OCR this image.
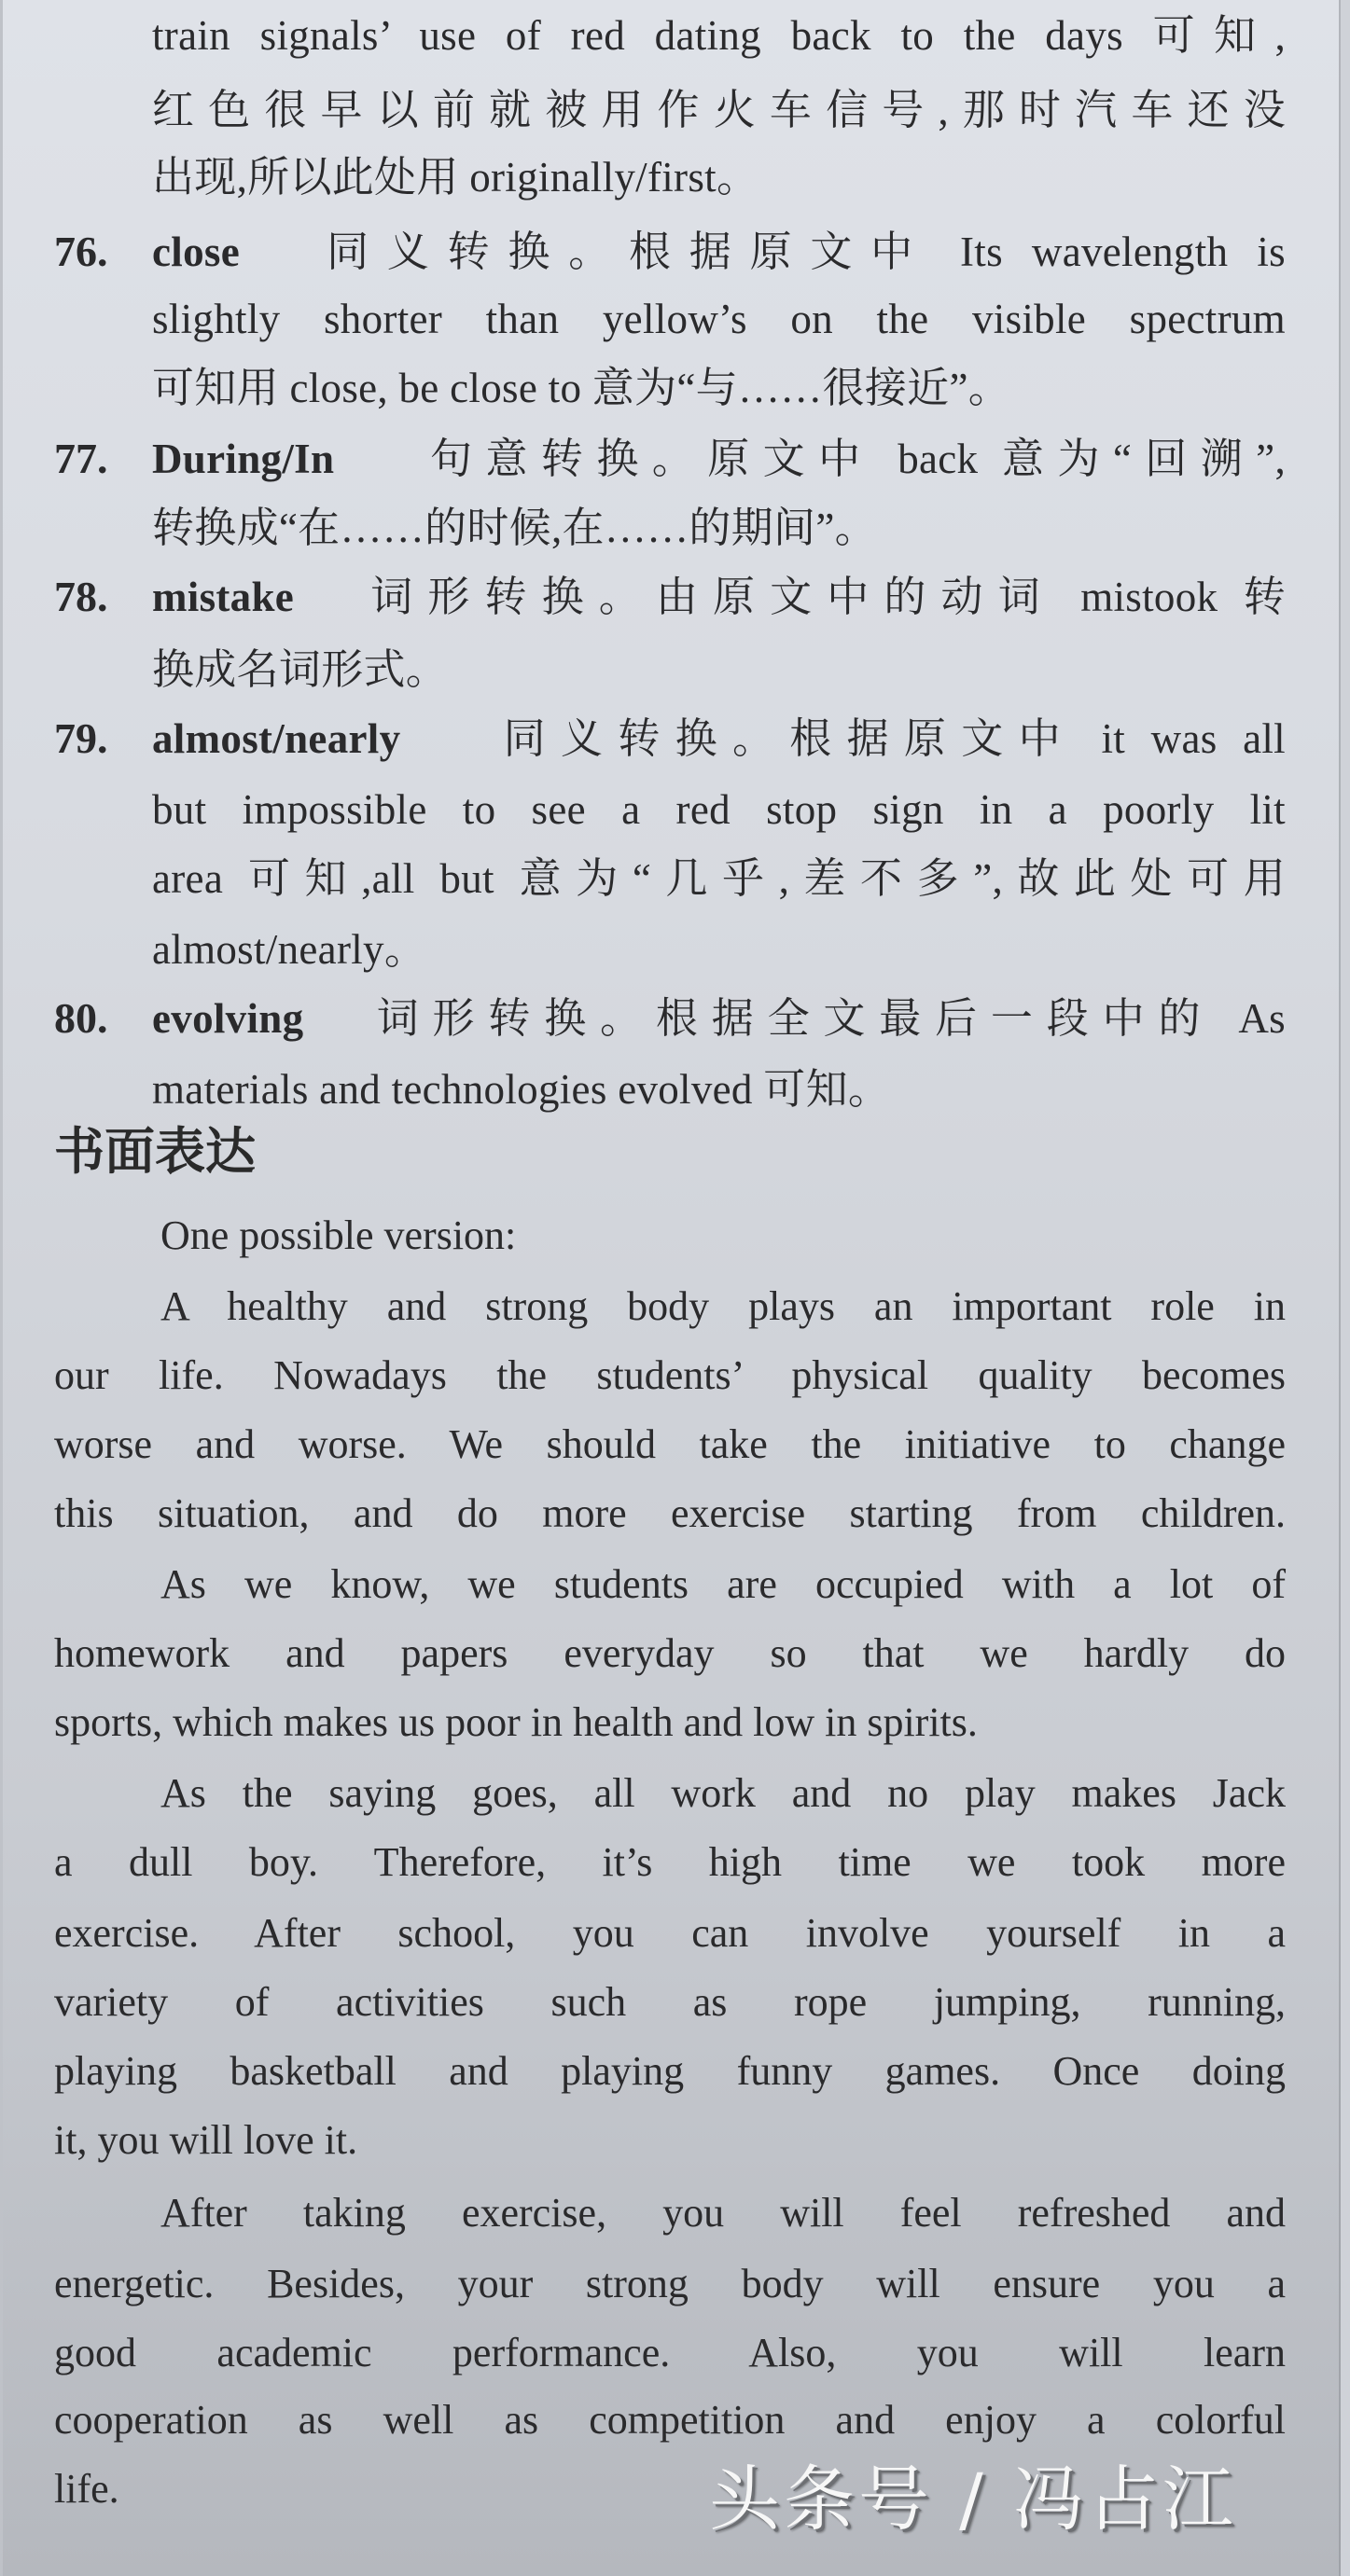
train signals’ use of red dating back to the days 可知,
红色很早以前就被用作火车信号,那时汽车还没
出现,所以此处用 originally/first。
76. close 同义转换。根据原文中 Its wavelength is
slightly shorter than yellow’s on the visible spectrum
可知用 close, be close to 意为“与……很接近”。
77. During/In 句意转换。原文中 back 意为“回溯”,
转换成“在……的时候,在……的期间”。
78. mistake 词形转换。由原文中的动词 mistook 转
换成名词形式。
79. almost/nearly 同义转换。根据原文中 it was all
but impossible to see a red stop sign in a poorly lit
area 可知,all but 意为“几乎,差不多”,故此处可用
almost/nearly。
80. evolving 词形转换。根据全文最后一段中的 As
materials and technologies evolved 可知。
书面表达
One possible version:
A healthy and strong body plays an important role in
our life. Nowadays the students’ physical quality becomes
worse and worse. We should take the initiative to change
this situation, and do more exercise starting from children.
As we know, we students are occupied with a lot of
homework and papers everyday so that we hardly do
sports, which makes us poor in health and low in spirits.
As the saying goes, all work and no play makes Jack
a dull boy. Therefore, it’s high time we took more
exercise. After school, you can involve yourself in a
variety of activities such as rope jumping, running,
playing basketball and playing funny games. Once doing
it, you will love it.
After taking exercise, you will feel refreshed and
energetic. Besides, your strong body will ensure you a
good academic performance. Also, you will learn
cooperation as well as competition and enjoy a colorful
life.	头条号 / 冯占江
